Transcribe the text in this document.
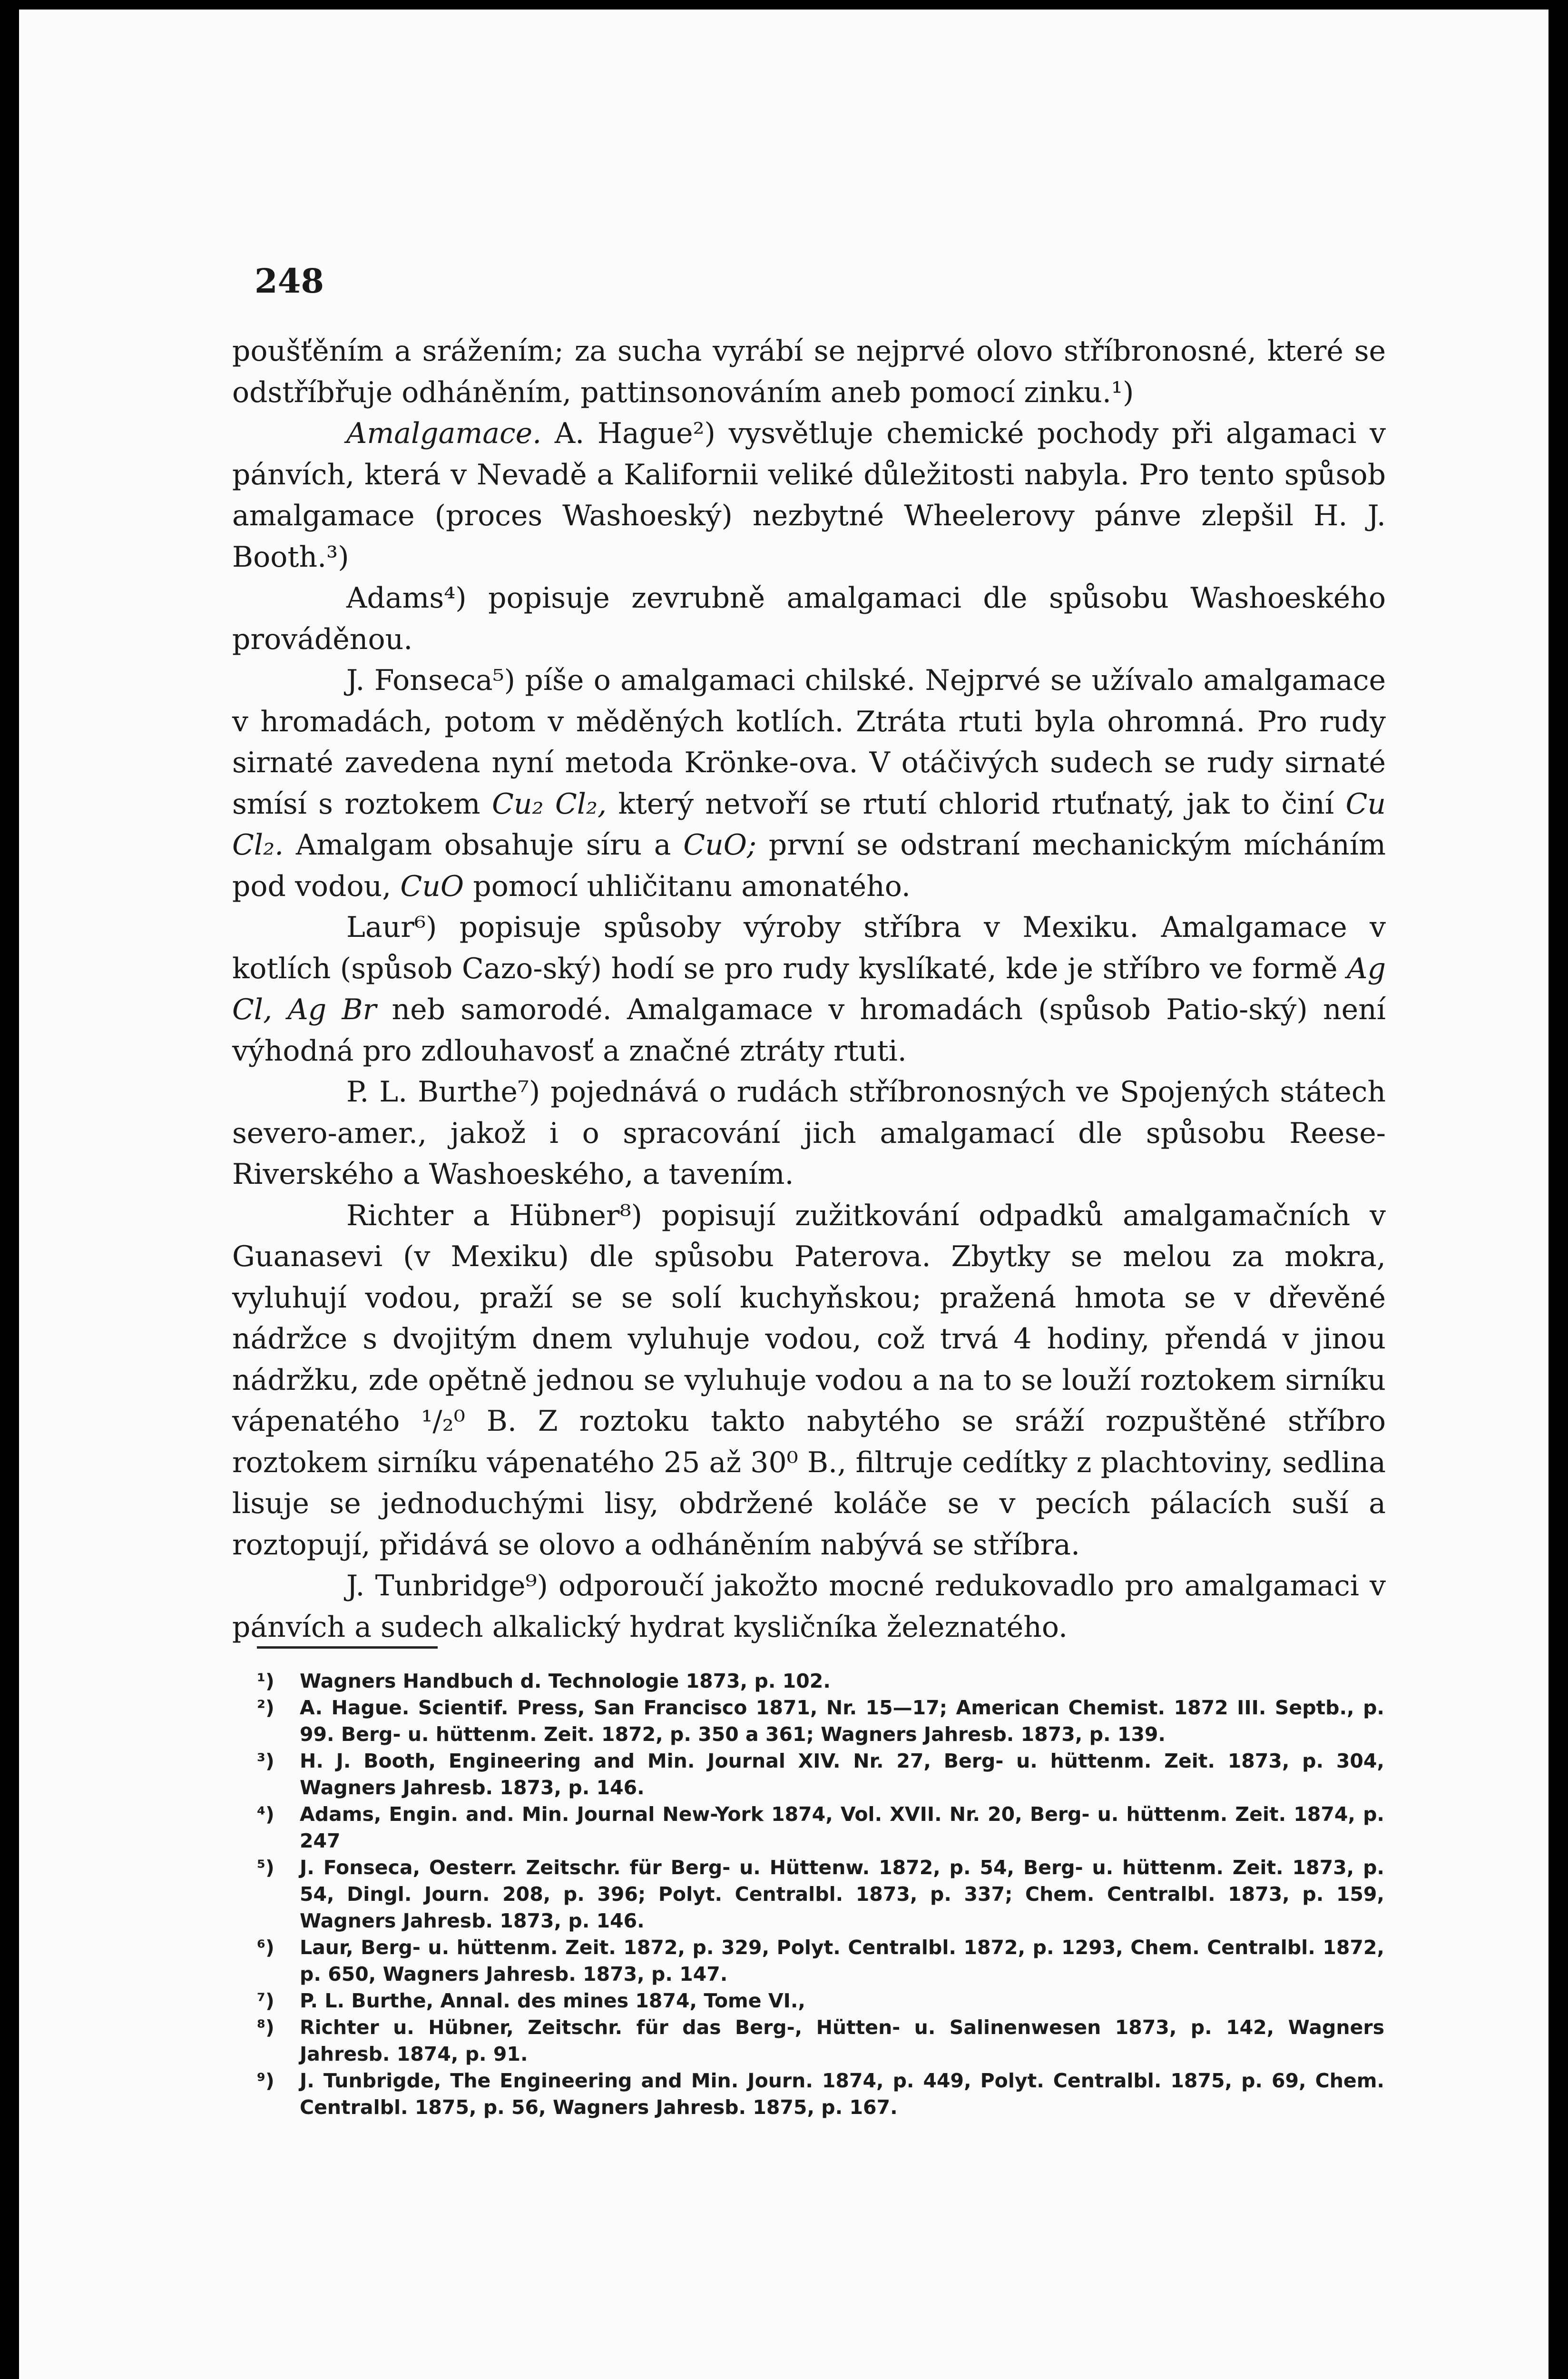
248

poušťěním a srážením; za sucha vyrábí se nejprvé olovo stříbronosné, které se odstříbřuje odháněním, pattinsonováním aneb pomocí zinku.¹)

Amalgamace. A. Hague²) vysvětluje chemické pochody při algamaci v pánvích, která v Nevadě a Kalifornii veliké důležitosti nabyla. Pro tento spůsob amalgamace (proces Washoeský) nezbytné Wheelerovy pánve zlepšil H. J. Booth.³)

Adams⁴) popisuje zevrubně amalgamaci dle spůsobu Washoeského prováděnou.

J. Fonseca⁵) píše o amalgamaci chilské. Nejprvé se užívalo amalgamace v hromadách, potom v měděných kotlích. Ztráta rtuti byla ohromná. Pro rudy sirnaté zavedena nyní metoda Krönke-ova. V otáčivých sudech se rudy sirnaté smísí s roztokem Cu₂ Cl₂, který netvoří se rtutí chlorid rtuťnatý, jak to činí Cu Cl₂. Amalgam obsahuje síru a CuO; první se odstraní mechanickým mícháním pod vodou, CuO pomocí uhličitanu amonatého.

Laur⁶) popisuje spůsoby výroby stříbra v Mexiku. Amalgamace v kotlích (spůsob Cazo-ský) hodí se pro rudy kyslíkaté, kde je stříbro ve formě Ag Cl, Ag Br neb samorodé. Amalgamace v hromadách (spůsob Patio-ský) není výhodná pro zdlouhavosť a značné ztráty rtuti.

P. L. Burthe⁷) pojednává o rudách stříbronosných ve Spojených státech severo-amer., jakož i o spracování jich amalgamací dle spůsobu Reese-Riverského a Washoeského, a tavením.

Richter a Hübner⁸) popisují zužitkování odpadků amalgamačních v Guanasevi (v Mexiku) dle spůsobu Paterova. Zbytky se melou za mokra, vyluhují vodou, praží se se solí kuchyňskou; pražená hmota se v dřevěné nádržce s dvojitým dnem vyluhuje vodou, což trvá 4 hodiny, přendá v jinou nádržku, zde opětně jednou se vyluhuje vodou a na to se louží roztokem sirníku vápenatého ¹/₂⁰ B. Z roztoku takto nabytého se sráží rozpuštěné stříbro roztokem sirníku vápenatého 25 až 30⁰ B., filtruje cedítky z plachtoviny, sedlina lisuje se jednoduchými lisy, obdržené koláče se v pecích pálacích suší a roztopují, přidává se olovo a odháněním nabývá se stříbra.

J. Tunbridge⁹) odporoučí jakožto mocné redukovadlo pro amalgamaci v pánvích a sudech alkalický hydrat kysličníka železnatého.

¹) Wagners Handbuch d. Technologie 1873, p. 102.

²) A. Hague. Scientif. Press, San Francisco 1871, Nr. 15—17; American Chemist. 1872 III. Septb., p. 99. Berg- u. hüttenm. Zeit. 1872, p. 350 a 361; Wagners Jahresb. 1873, p. 139.

³) H. J. Booth, Engineering and Min. Journal XIV. Nr. 27, Berg- u. hüttenm. Zeit. 1873, p. 304, Wagners Jahresb. 1873, p. 146.

⁴) Adams, Engin. and. Min. Journal New-York 1874, Vol. XVII. Nr. 20, Berg- u. hüttenm. Zeit. 1874, p. 247

⁵) J. Fonseca, Oesterr. Zeitschr. für Berg- u. Hüttenw. 1872, p. 54, Berg- u. hüttenm. Zeit. 1873, p. 54, Dingl. Journ. 208, p. 396; Polyt. Centralbl. 1873, p. 337; Chem. Centralbl. 1873, p. 159, Wagners Jahresb. 1873, p. 146.

⁶) Laur, Berg- u. hüttenm. Zeit. 1872, p. 329, Polyt. Centralbl. 1872, p. 1293, Chem. Centralbl. 1872, p. 650, Wagners Jahresb. 1873, p. 147.

⁷) P. L. Burthe, Annal. des mines 1874, Tome VI.,

⁸) Richter u. Hübner, Zeitschr. für das Berg-, Hütten- u. Salinenwesen 1873, p. 142, Wagners Jahresb. 1874, p. 91.

⁹) J. Tunbrigde, The Engineering and Min. Journ. 1874, p. 449, Polyt. Centralbl. 1875, p. 69, Chem. Centralbl. 1875, p. 56, Wagners Jahresb. 1875, p. 167.
